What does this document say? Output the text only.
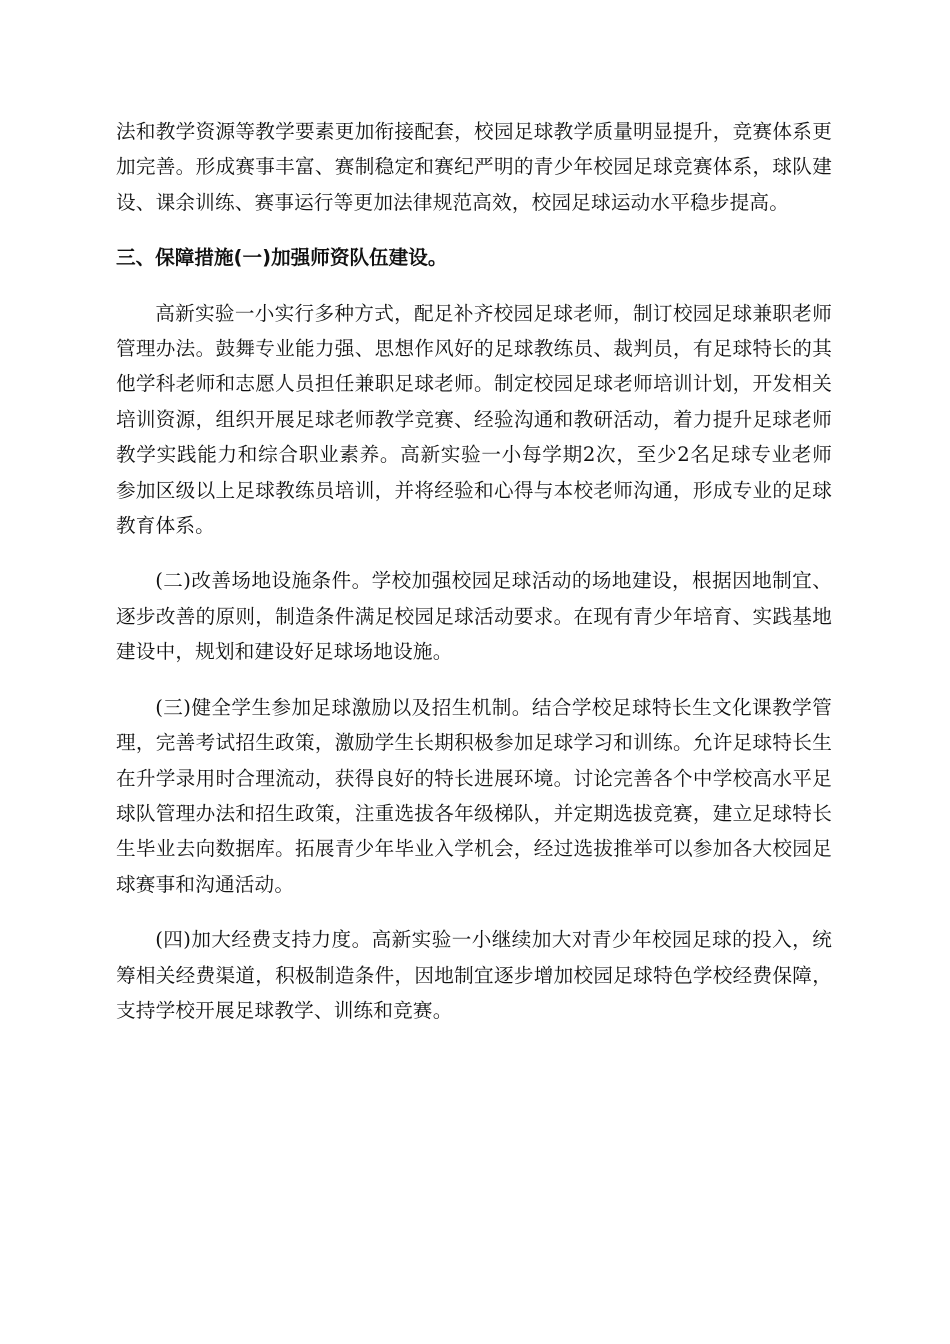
法和教学资源等教学要素更加衔接配套，校园足球教学质量明显提升，竞赛体系更加完善。形成赛事丰富、赛制稳定和赛纪严明的青少年校园足球竞赛体系，球队建设、课余训练、赛事运行等更加法律规范高效，校园足球运动水平稳步提高。

三、保障措施(一)加强师资队伍建设。

高新实验一小实行多种方式，配足补齐校园足球老师，制订校园足球兼职老师管理办法。鼓舞专业能力强、思想作风好的足球教练员、裁判员，有足球特长的其他学科老师和志愿人员担任兼职足球老师。制定校园足球老师培训计划，开发相关培训资源，组织开展足球老师教学竞赛、经验沟通和教研活动，着力提升足球老师教学实践能力和综合职业素养。高新实验一小每学期2次，至少2名足球专业老师参加区级以上足球教练员培训，并将经验和心得与本校老师沟通，形成专业的足球教育体系。

(二)改善场地设施条件。学校加强校园足球活动的场地建设，根据因地制宜、逐步改善的原则，制造条件满足校园足球活动要求。在现有青少年培育、实践基地建设中，规划和建设好足球场地设施。

(三)健全学生参加足球激励以及招生机制。结合学校足球特长生文化课教学管理，完善考试招生政策，激励学生长期积极参加足球学习和训练。允许足球特长生在升学录用时合理流动，获得良好的特长进展环境。讨论完善各个中学校高水平足球队管理办法和招生政策，注重选拔各年级梯队，并定期选拔竞赛，建立足球特长生毕业去向数据库。拓展青少年毕业入学机会，经过选拔推举可以参加各大校园足球赛事和沟通活动。

(四)加大经费支持力度。高新实验一小继续加大对青少年校园足球的投入，统筹相关经费渠道，积极制造条件，因地制宜逐步增加校园足球特色学校经费保障，支持学校开展足球教学、训练和竞赛。
